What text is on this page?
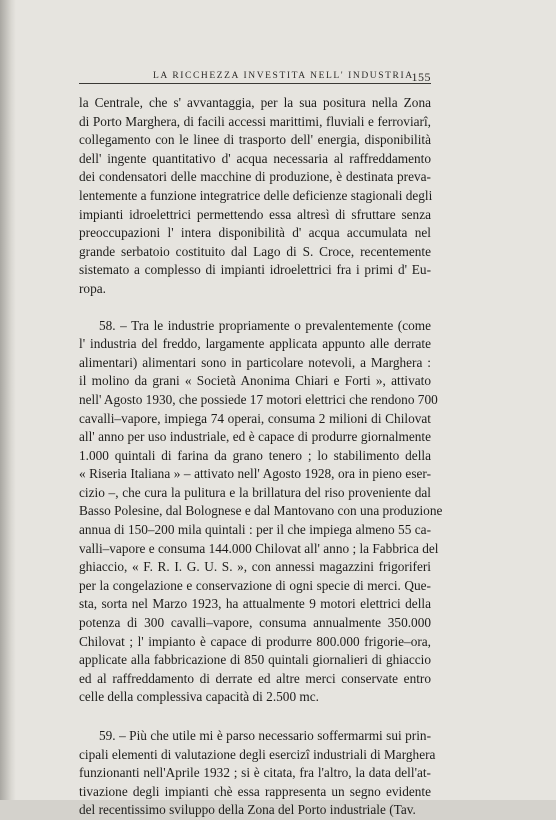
LA RICCHEZZA INVESTITA NELL' INDUSTRIA
155

la Centrale, che s' avvantaggia, per la sua positura nella Zona
di Porto Marghera, di facili accessi marittimi, fluviali e ferroviarî,
collegamento con le linee di trasporto dell' energia, disponibilità
dell' ingente quantitativo d' acqua necessaria al raffreddamento
dei condensatori delle macchine di produzione, è destinata preva-
lentemente a funzione integratrice delle deficienze stagionali degli
impianti idroelettrici permettendo essa altresì di sfruttare senza
preoccupazioni l' intera disponibilità d' acqua accumulata nel
grande serbatoio costituito dal Lago di S. Croce, recentemente
sistemato a complesso di impianti idroelettrici fra i primi d' Eu-
ropa.

58. – Tra le industrie propriamente o prevalentemente (come
l' industria del freddo, largamente applicata appunto alle derrate
alimentari) alimentari sono in particolare notevoli, a Marghera :
il molino da grani « Società Anonima Chiari e Forti », attivato
nell' Agosto 1930, che possiede 17 motori elettrici che rendono 700
cavalli–vapore, impiega 74 operai, consuma 2 milioni di Chilovat
all' anno per uso industriale, ed è capace di produrre giornalmente
1.000 quintali di farina da grano tenero ; lo stabilimento della
« Riseria Italiana » – attivato nell' Agosto 1928, ora in pieno eser-
cizio –, che cura la pulitura e la brillatura del riso proveniente dal
Basso Polesine, dal Bolognese e dal Mantovano con una produzione
annua di 150–200 mila quintali : per il che impiega almeno 55 ca-
valli–vapore e consuma 144.000 Chilovat all' anno ; la Fabbrica del
ghiaccio, « F. R. I. G. U. S. », con annessi magazzini frigoriferi
per la congelazione e conservazione di ogni specie di merci. Que-
sta, sorta nel Marzo 1923, ha attualmente 9 motori elettrici della
potenza di 300 cavalli–vapore, consuma annualmente 350.000
Chilovat ; l' impianto è capace di produrre 800.000 frigorie–ora,
applicate alla fabbricazione di 850 quintali giornalieri di ghiaccio
ed al raffreddamento di derrate ed altre merci conservate entro
celle della complessiva capacità di 2.500 mc.

59. – Più che utile mi è parso necessario soffermarmi sui prin-
cipali elementi di valutazione degli esercizî industriali di Marghera
funzionanti nell'Aprile 1932 ; si è citata, fra l'altro, la data dell'at-
tivazione degli impianti chè essa rappresenta un segno evidente
del recentissimo sviluppo della Zona del Porto industriale (Tav.
